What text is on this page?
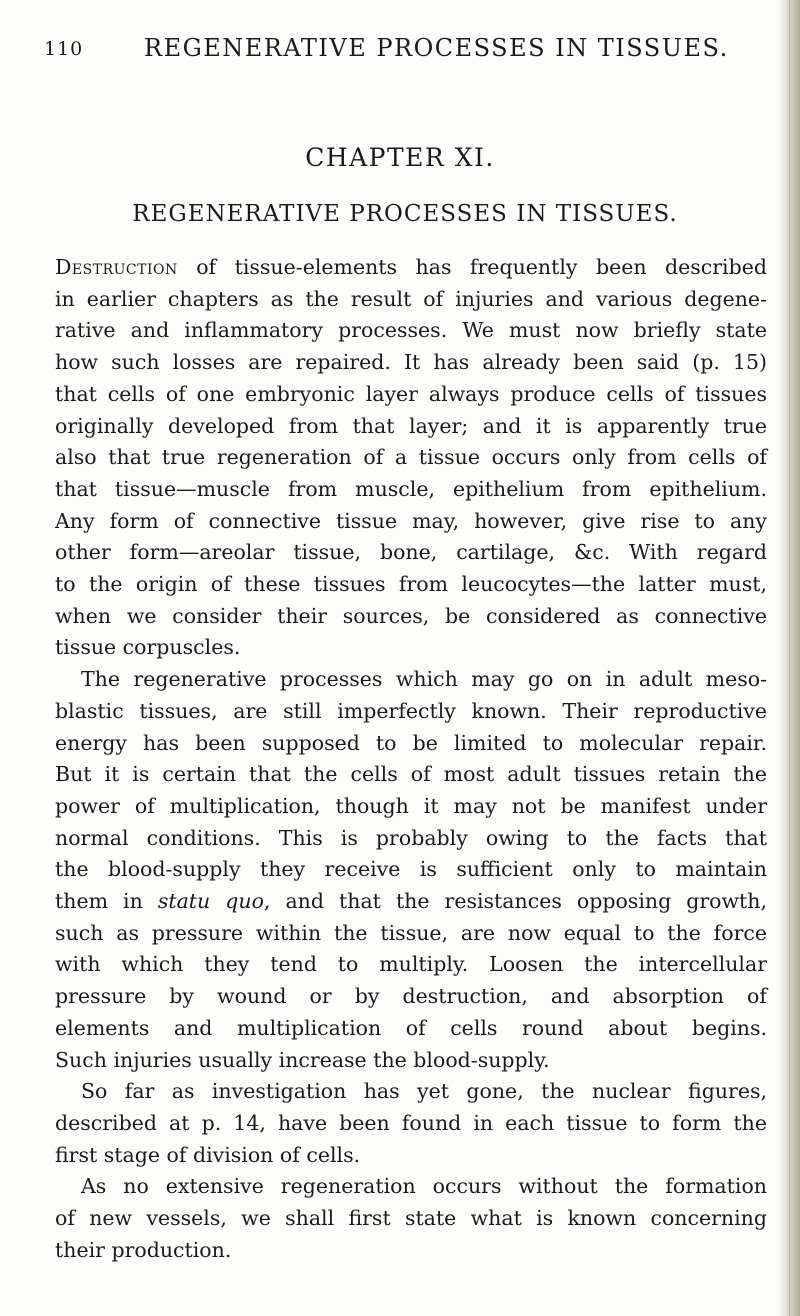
110	REGENERATIVE PROCESSES IN TISSUES.
CHAPTER XI.
REGENERATIVE PROCESSES IN TISSUES.

Destruction of tissue-elements has frequently been described
in earlier chapters as the result of injuries and various degene-
rative and inflammatory processes. We must now briefly state
how such losses are repaired. It has already been said (p. 15)
that cells of one embryonic layer always produce cells of tissues
originally developed from that layer; and it is apparently true
also that true regeneration of a tissue occurs only from cells of
that tissue—muscle from muscle, epithelium from epithelium.
Any form of connective tissue may, however, give rise to any
other form—areolar tissue, bone, cartilage, &c. With regard
to the origin of these tissues from leucocytes—the latter must,
when we consider their sources, be considered as connective
tissue corpuscles.

The regenerative processes which may go on in adult meso-
blastic tissues, are still imperfectly known. Their reproductive
energy has been supposed to be limited to molecular repair.
But it is certain that the cells of most adult tissues retain the
power of multiplication, though it may not be manifest under
normal conditions. This is probably owing to the facts that
the blood-supply they receive is sufficient only to maintain
them in statu quo, and that the resistances opposing growth,
such as pressure within the tissue, are now equal to the force
with which they tend to multiply. Loosen the intercellular
pressure by wound or by destruction, and absorption of
elements and multiplication of cells round about begins.
Such injuries usually increase the blood-supply.

So far as investigation has yet gone, the nuclear figures,
described at p. 14, have been found in each tissue to form the
first stage of division of cells.

As no extensive regeneration occurs without the formation
of new vessels, we shall first state what is known concerning
their production.
